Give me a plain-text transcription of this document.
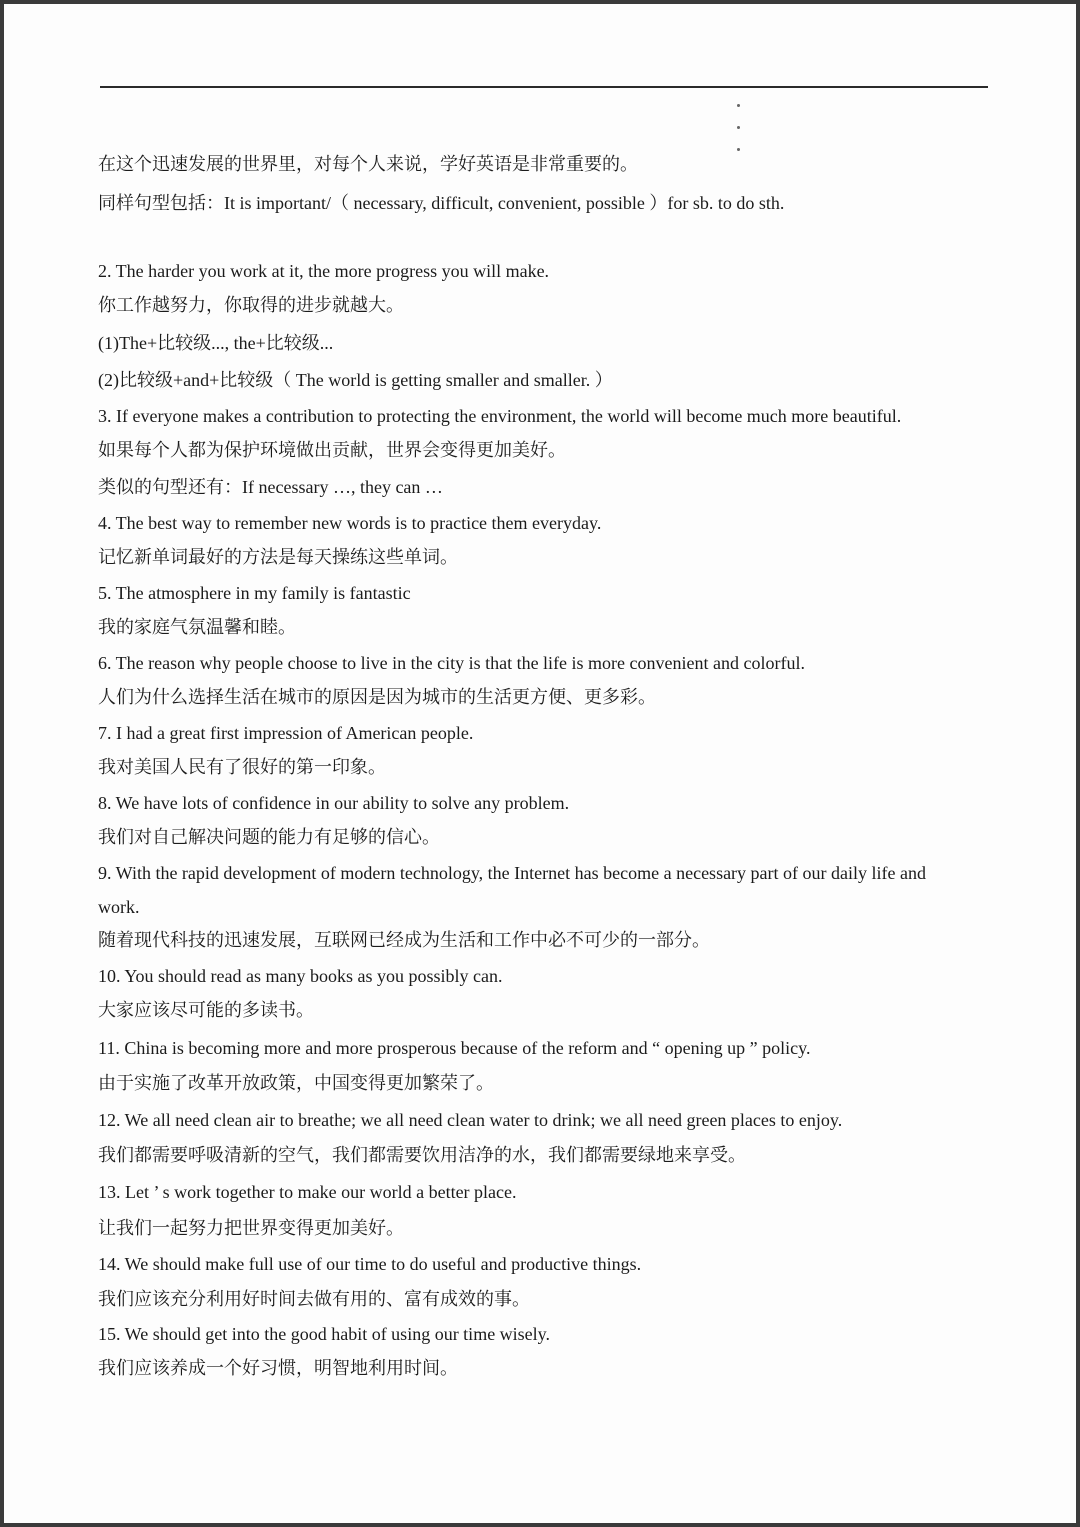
在这个迅速发展的世界里，对每个人来说，学好英语是非常重要的。

同样句型包括：It is important/（ necessary, difficult, convenient, possible ）for sb. to do sth.

2. The harder you work at it, the more progress you will make.

你工作越努力，你取得的进步就越大。

(1)The+比较级..., the+比较级...

(2)比较级+and+比较级（ The world is getting smaller and smaller. ）

3. If everyone makes a contribution to protecting the environment, the world will become much more beautiful.

如果每个人都为保护环境做出贡献，世界会变得更加美好。

类似的句型还有：If necessary …, they can …

4. The best way to remember new words is to practice them everyday.

记忆新单词最好的方法是每天操练这些单词。

5. The atmosphere in my family is fantastic

我的家庭气氛温馨和睦。

6. The reason why people choose to live in the city is that the life is more convenient and colorful.

人们为什么选择生活在城市的原因是因为城市的生活更方便、更多彩。

7. I had a great first impression of American people.

我对美国人民有了很好的第一印象。

8. We have lots of confidence in our ability to solve any problem.

我们对自己解决问题的能力有足够的信心。

9. With the rapid development of modern technology, the Internet has become a necessary part of our daily life and

work.

随着现代科技的迅速发展，互联网已经成为生活和工作中必不可少的一部分。

10. You should read as many books as you possibly can.

大家应该尽可能的多读书。

11. China is becoming more and more prosperous because of the reform and “ opening up ” policy.

由于实施了改革开放政策，中国变得更加繁荣了。

12. We all need clean air to breathe; we all need clean water to drink; we all need green places to enjoy.

我们都需要呼吸清新的空气，我们都需要饮用洁净的水，我们都需要绿地来享受。

13. Let ’ s work together to make our world a better place.

让我们一起努力把世界变得更加美好。

14. We should make full use of our time to do useful and productive things.

我们应该充分利用好时间去做有用的、富有成效的事。

15. We should get into the good habit of using our time wisely.

我们应该养成一个好习惯，明智地利用时间。
